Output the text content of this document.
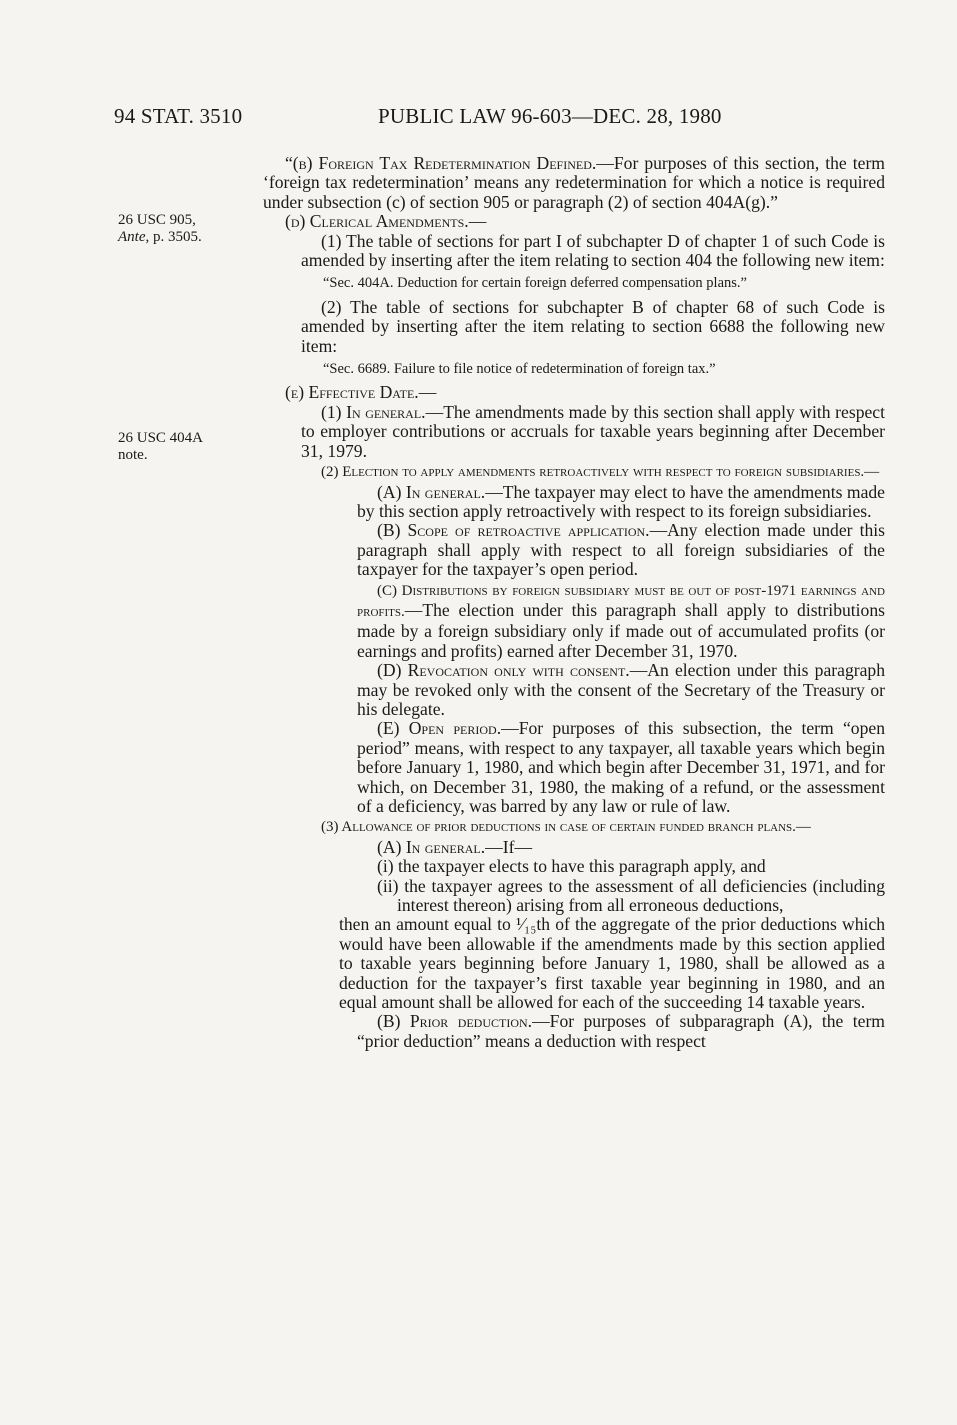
94 STAT. 3510	PUBLIC LAW 96-603—DEC. 28, 1980
26 USC 905,
Ante, p. 3505.
26 USC 404A
note.

“(b) Foreign Tax Redetermination Defined.—For purposes of this section, the term ‘foreign tax redetermination’ means any redetermination for which a notice is required under subsection (c) of section 905 or paragraph (2) of section 404A(g).”

(d) Clerical Amendments.—

(1) The table of sections for part I of subchapter D of chapter 1 of such Code is amended by inserting after the item relating to section 404 the following new item:

“Sec. 404A. Deduction for certain foreign deferred compensation plans.”

(2) The table of sections for subchapter B of chapter 68 of such Code is amended by inserting after the item relating to section 6688 the following new item:

“Sec. 6689. Failure to file notice of redetermination of foreign tax.”

(e) Effective Date.—

(1) In general.—The amendments made by this section shall apply with respect to employer contributions or accruals for taxable years beginning after December 31, 1979.

(2) Election to apply amendments retroactively with respect to foreign subsidiaries.—

(A) In general.—The taxpayer may elect to have the amendments made by this section apply retroactively with respect to its foreign subsidiaries.

(B) Scope of retroactive application.—Any election made under this paragraph shall apply with respect to all foreign subsidiaries of the taxpayer for the taxpayer’s open period.

(C) Distributions by foreign subsidiary must be out of post-1971 earnings and profits.—The election under this paragraph shall apply to distributions made by a foreign subsidiary only if made out of accumulated profits (or earnings and profits) earned after December 31, 1970.

(D) Revocation only with consent.—An election under this paragraph may be revoked only with the consent of the Secretary of the Treasury or his delegate.

(E) Open period.—For purposes of this subsection, the term “open period” means, with respect to any taxpayer, all taxable years which begin before January 1, 1980, and which begin after December 31, 1971, and for which, on December 31, 1980, the making of a refund, or the assessment of a deficiency, was barred by any law or rule of law.

(3) Allowance of prior deductions in case of certain funded branch plans.—

(A) In general.—If—

(i) the taxpayer elects to have this paragraph apply, and

(ii) the taxpayer agrees to the assessment of all deficiencies (including interest thereon) arising from all erroneous deductions,

then an amount equal to ¹⁄₁₅th of the aggregate of the prior deductions which would have been allowable if the amendments made by this section applied to taxable years beginning before January 1, 1980, shall be allowed as a deduction for the taxpayer’s first taxable year beginning in 1980, and an equal amount shall be allowed for each of the succeeding 14 taxable years.

(B) Prior deduction.—For purposes of subparagraph (A), the term “prior deduction” means a deduction with respect
